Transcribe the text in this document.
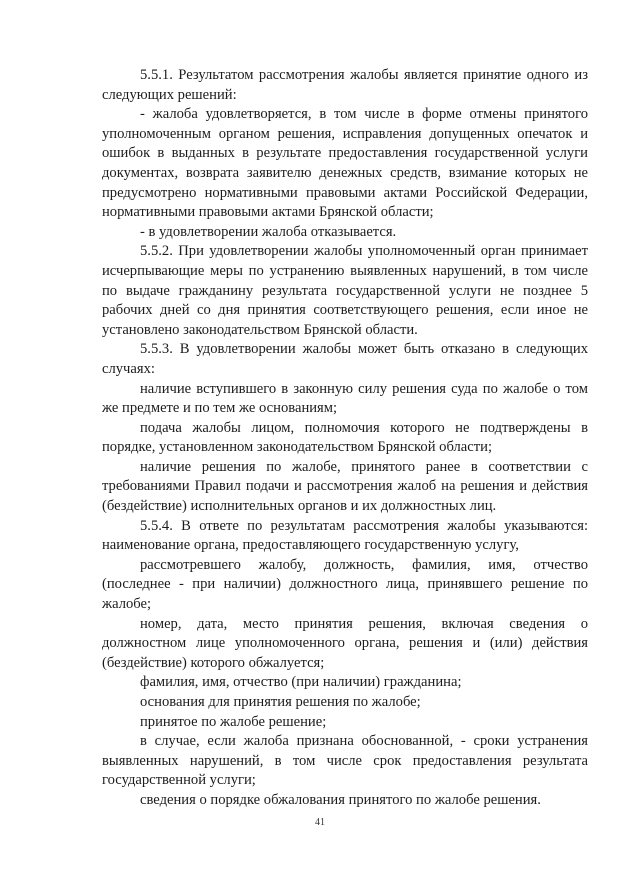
5.5.1. Результатом рассмотрения жалобы является принятие одного из следующих решений:

- жалоба удовлетворяется, в том числе в форме отмены принятого уполномоченным органом решения, исправления допущенных опечаток и ошибок в выданных в результате предоставления государственной услуги документах, возврата заявителю денежных средств, взимание которых не предусмотрено нормативными правовыми актами Российской Федерации, нормативными правовыми актами Брянской области;

- в удовлетворении жалоба отказывается.

5.5.2. При удовлетворении жалобы уполномоченный орган принимает исчерпывающие меры по устранению выявленных нарушений, в том числе по выдаче гражданину результата государственной услуги не позднее 5 рабочих дней со дня принятия соответствующего решения, если иное не установлено законодательством Брянской области.

5.5.3. В удовлетворении жалобы может быть отказано в следующих случаях:

наличие вступившего в законную силу решения суда по жалобе о том же предмете и по тем же основаниям;

подача жалобы лицом, полномочия которого не подтверждены в порядке, установленном законодательством Брянской области;

наличие решения по жалобе, принятого ранее в соответствии с требованиями Правил подачи и рассмотрения жалоб на решения и действия (бездействие) исполнительных органов и их должностных лиц.

5.5.4. В ответе по результатам рассмотрения жалобы указываются: наименование органа, предоставляющего государственную услугу,

рассмотревшего жалобу, должность, фамилия, имя, отчество (последнее - при наличии) должностного лица, принявшего решение по жалобе;

номер, дата, место принятия решения, включая сведения о должностном лице уполномоченного органа, решения и (или) действия (бездействие) которого обжалуется;

фамилия, имя, отчество (при наличии) гражданина;

основания для принятия решения по жалобе;

принятое по жалобе решение;

в случае, если жалоба признана обоснованной, - сроки устранения выявленных нарушений, в том числе срок предоставления результата государственной услуги;

сведения о порядке обжалования принятого по жалобе решения.

41
